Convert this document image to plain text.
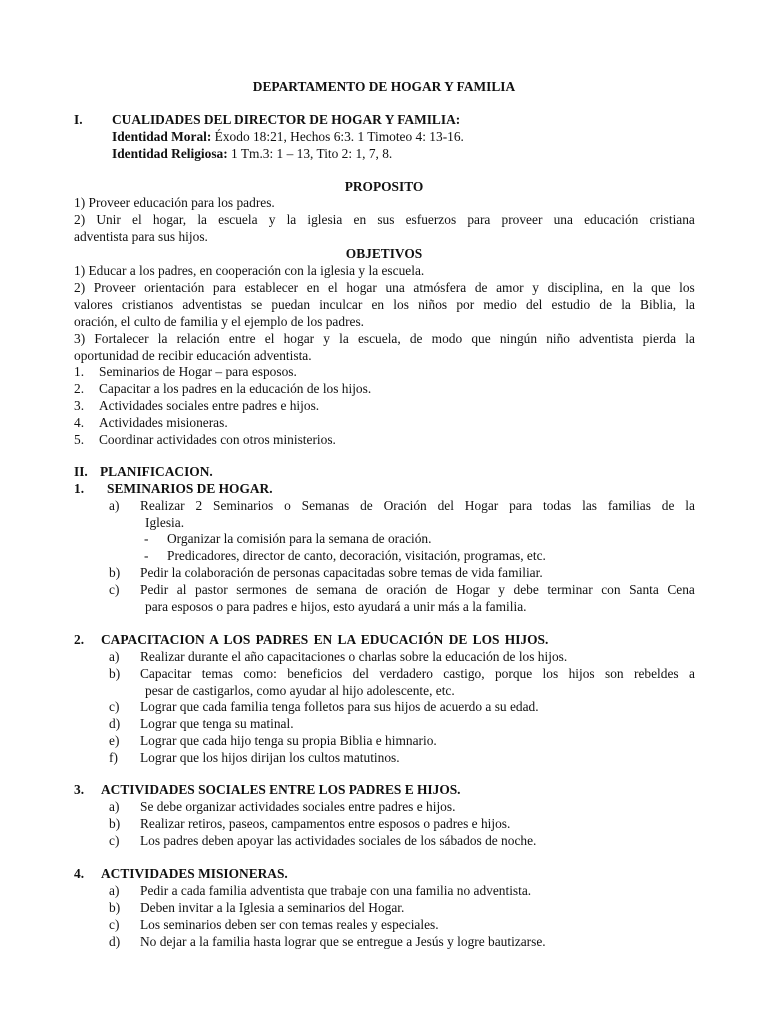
DEPARTAMENTO DE HOGAR Y FAMILIA
I. CUALIDADES DEL DIRECTOR DE HOGAR Y FAMILIA:
Identidad Moral: Éxodo 18:21, Hechos 6:3. 1 Timoteo 4: 13-16.
Identidad Religiosa: 1 Tm.3: 1 – 13, Tito 2: 1, 7, 8.
PROPOSITO
1) Proveer educación para los padres.
2) Unir el hogar, la escuela y la iglesia en sus esfuerzos para proveer una educación cristiana
adventista para sus hijos.
OBJETIVOS
1) Educar a los padres, en cooperación con la iglesia y la escuela.
2) Proveer orientación para establecer en el hogar una atmósfera de amor y disciplina, en la que los
valores cristianos adventistas se puedan inculcar en los niños por medio del estudio de la Biblia, la
oración, el culto de familia y el ejemplo de los padres.
3) Fortalecer la relación entre el hogar y la escuela, de modo que ningún niño adventista pierda la
oportunidad de recibir educación adventista.
1. Seminarios de Hogar – para esposos.
2. Capacitar a los padres en la educación de los hijos.
3. Actividades sociales entre padres e hijos.
4. Actividades misioneras.
5. Coordinar actividades con otros ministerios.
II. PLANIFICACION.
1. SEMINARIOS DE HOGAR.
a) Realizar 2 Seminarios o Semanas de Oración del Hogar para todas las familias de la
Iglesia.
- Organizar la comisión para la semana de oración.
- Predicadores, director de canto, decoración, visitación, programas, etc.
b) Pedir la colaboración de personas capacitadas sobre temas de vida familiar.
c) Pedir al pastor sermones de semana de oración de Hogar y debe terminar con Santa Cena
para esposos o para padres e hijos, esto ayudará a unir más a la familia.
2. CAPACITACION A LOS PADRES EN LA EDUCACIÓN DE LOS HIJOS.
a) Realizar durante el año capacitaciones o charlas sobre la educación de los hijos.
b) Capacitar temas como: beneficios del verdadero castigo, porque los hijos son rebeldes a
pesar de castigarlos, como ayudar al hijo adolescente, etc.
c) Lograr que cada familia tenga folletos para sus hijos de acuerdo a su edad.
d) Lograr que tenga su matinal.
e) Lograr que cada hijo tenga su propia Biblia e himnario.
f) Lograr que los hijos dirijan los cultos matutinos.
3. ACTIVIDADES SOCIALES ENTRE LOS PADRES E HIJOS.
a) Se debe organizar actividades sociales entre padres e hijos.
b) Realizar retiros, paseos, campamentos entre esposos o padres e hijos.
c) Los padres deben apoyar las actividades sociales de los sábados de noche.
4. ACTIVIDADES MISIONERAS.
a) Pedir a cada familia adventista que trabaje con una familia no adventista.
b) Deben invitar a la Iglesia a seminarios del Hogar.
c) Los seminarios deben ser con temas reales y especiales.
d) No dejar a la familia hasta lograr que se entregue a Jesús y logre bautizarse.
